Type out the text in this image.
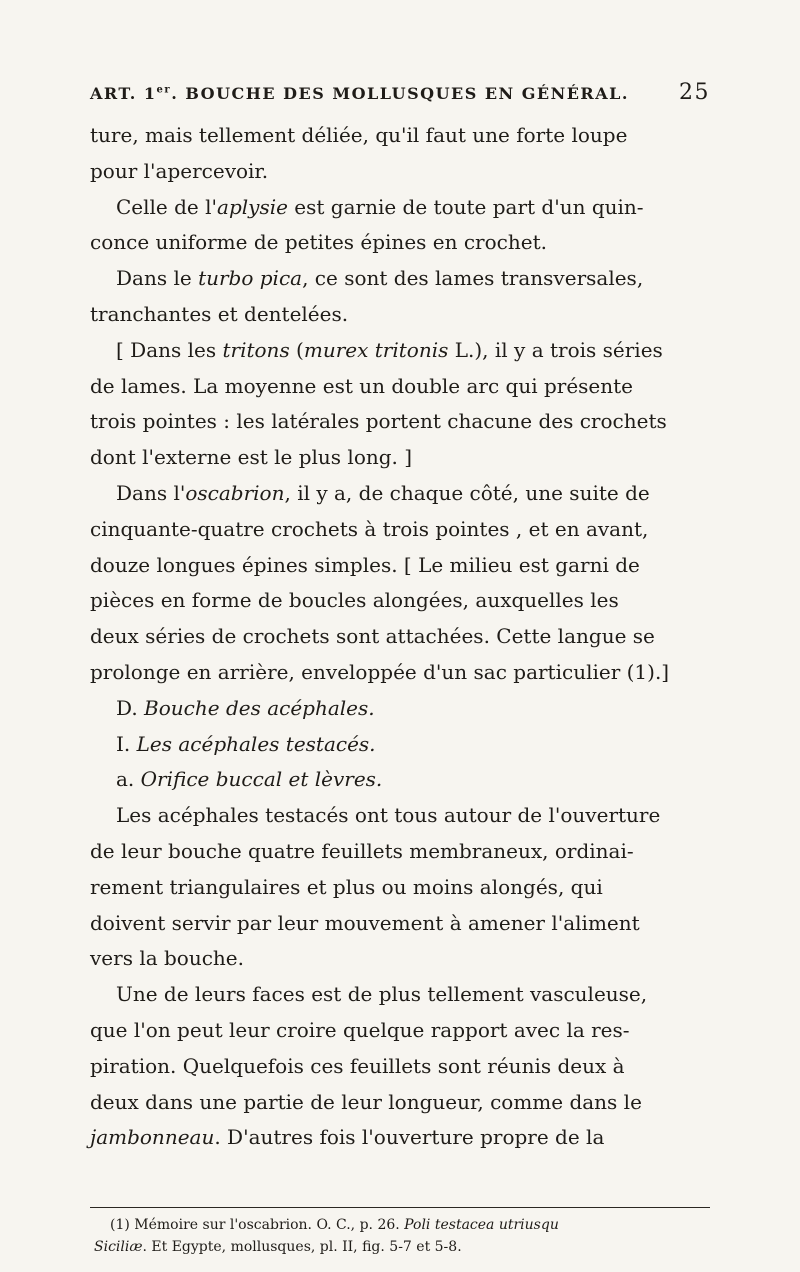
ART. 1er. BOUCHE DES MOLLUSQUES EN GÉNÉRAL. 25
ture, mais tellement déliée, qu'il faut une forte loupe
pour l'apercevoir.
Celle de l'aplysie est garnie de toute part d'un quin-
conce uniforme de petites épines en crochet.
Dans le turbo pica, ce sont des lames transversales,
tranchantes et dentelées.
[ Dans les tritons (murex tritonis L.), il y a trois séries
de lames. La moyenne est un double arc qui présente
trois pointes : les latérales portent chacune des crochets
dont l'externe est le plus long. ]
Dans l'oscabrion, il y a, de chaque côté, une suite de
cinquante-quatre crochets à trois pointes , et en avant,
douze longues épines simples. [ Le milieu est garni de
pièces en forme de boucles alongées, auxquelles les
deux séries de crochets sont attachées. Cette langue se
prolonge en arrière, enveloppée d'un sac particulier (1).]
D. Bouche des acéphales.
I. Les acéphales testacés.
a. Orifice buccal et lèvres.
Les acéphales testacés ont tous autour de l'ouverture
de leur bouche quatre feuillets membraneux, ordinai-
rement triangulaires et plus ou moins alongés, qui
doivent servir par leur mouvement à amener l'aliment
vers la bouche.
Une de leurs faces est de plus tellement vasculeuse,
que l'on peut leur croire quelque rapport avec la res-
piration. Quelquefois ces feuillets sont réunis deux à
deux dans une partie de leur longueur, comme dans le
jambonneau. D'autres fois l'ouverture propre de la
(1) Mémoire sur l'oscabrion. O. C., p. 26. Poli testacea utriusqu
Siciliæ. Et Egypte, mollusques, pl. II, fig. 5-7 et 5-8.
